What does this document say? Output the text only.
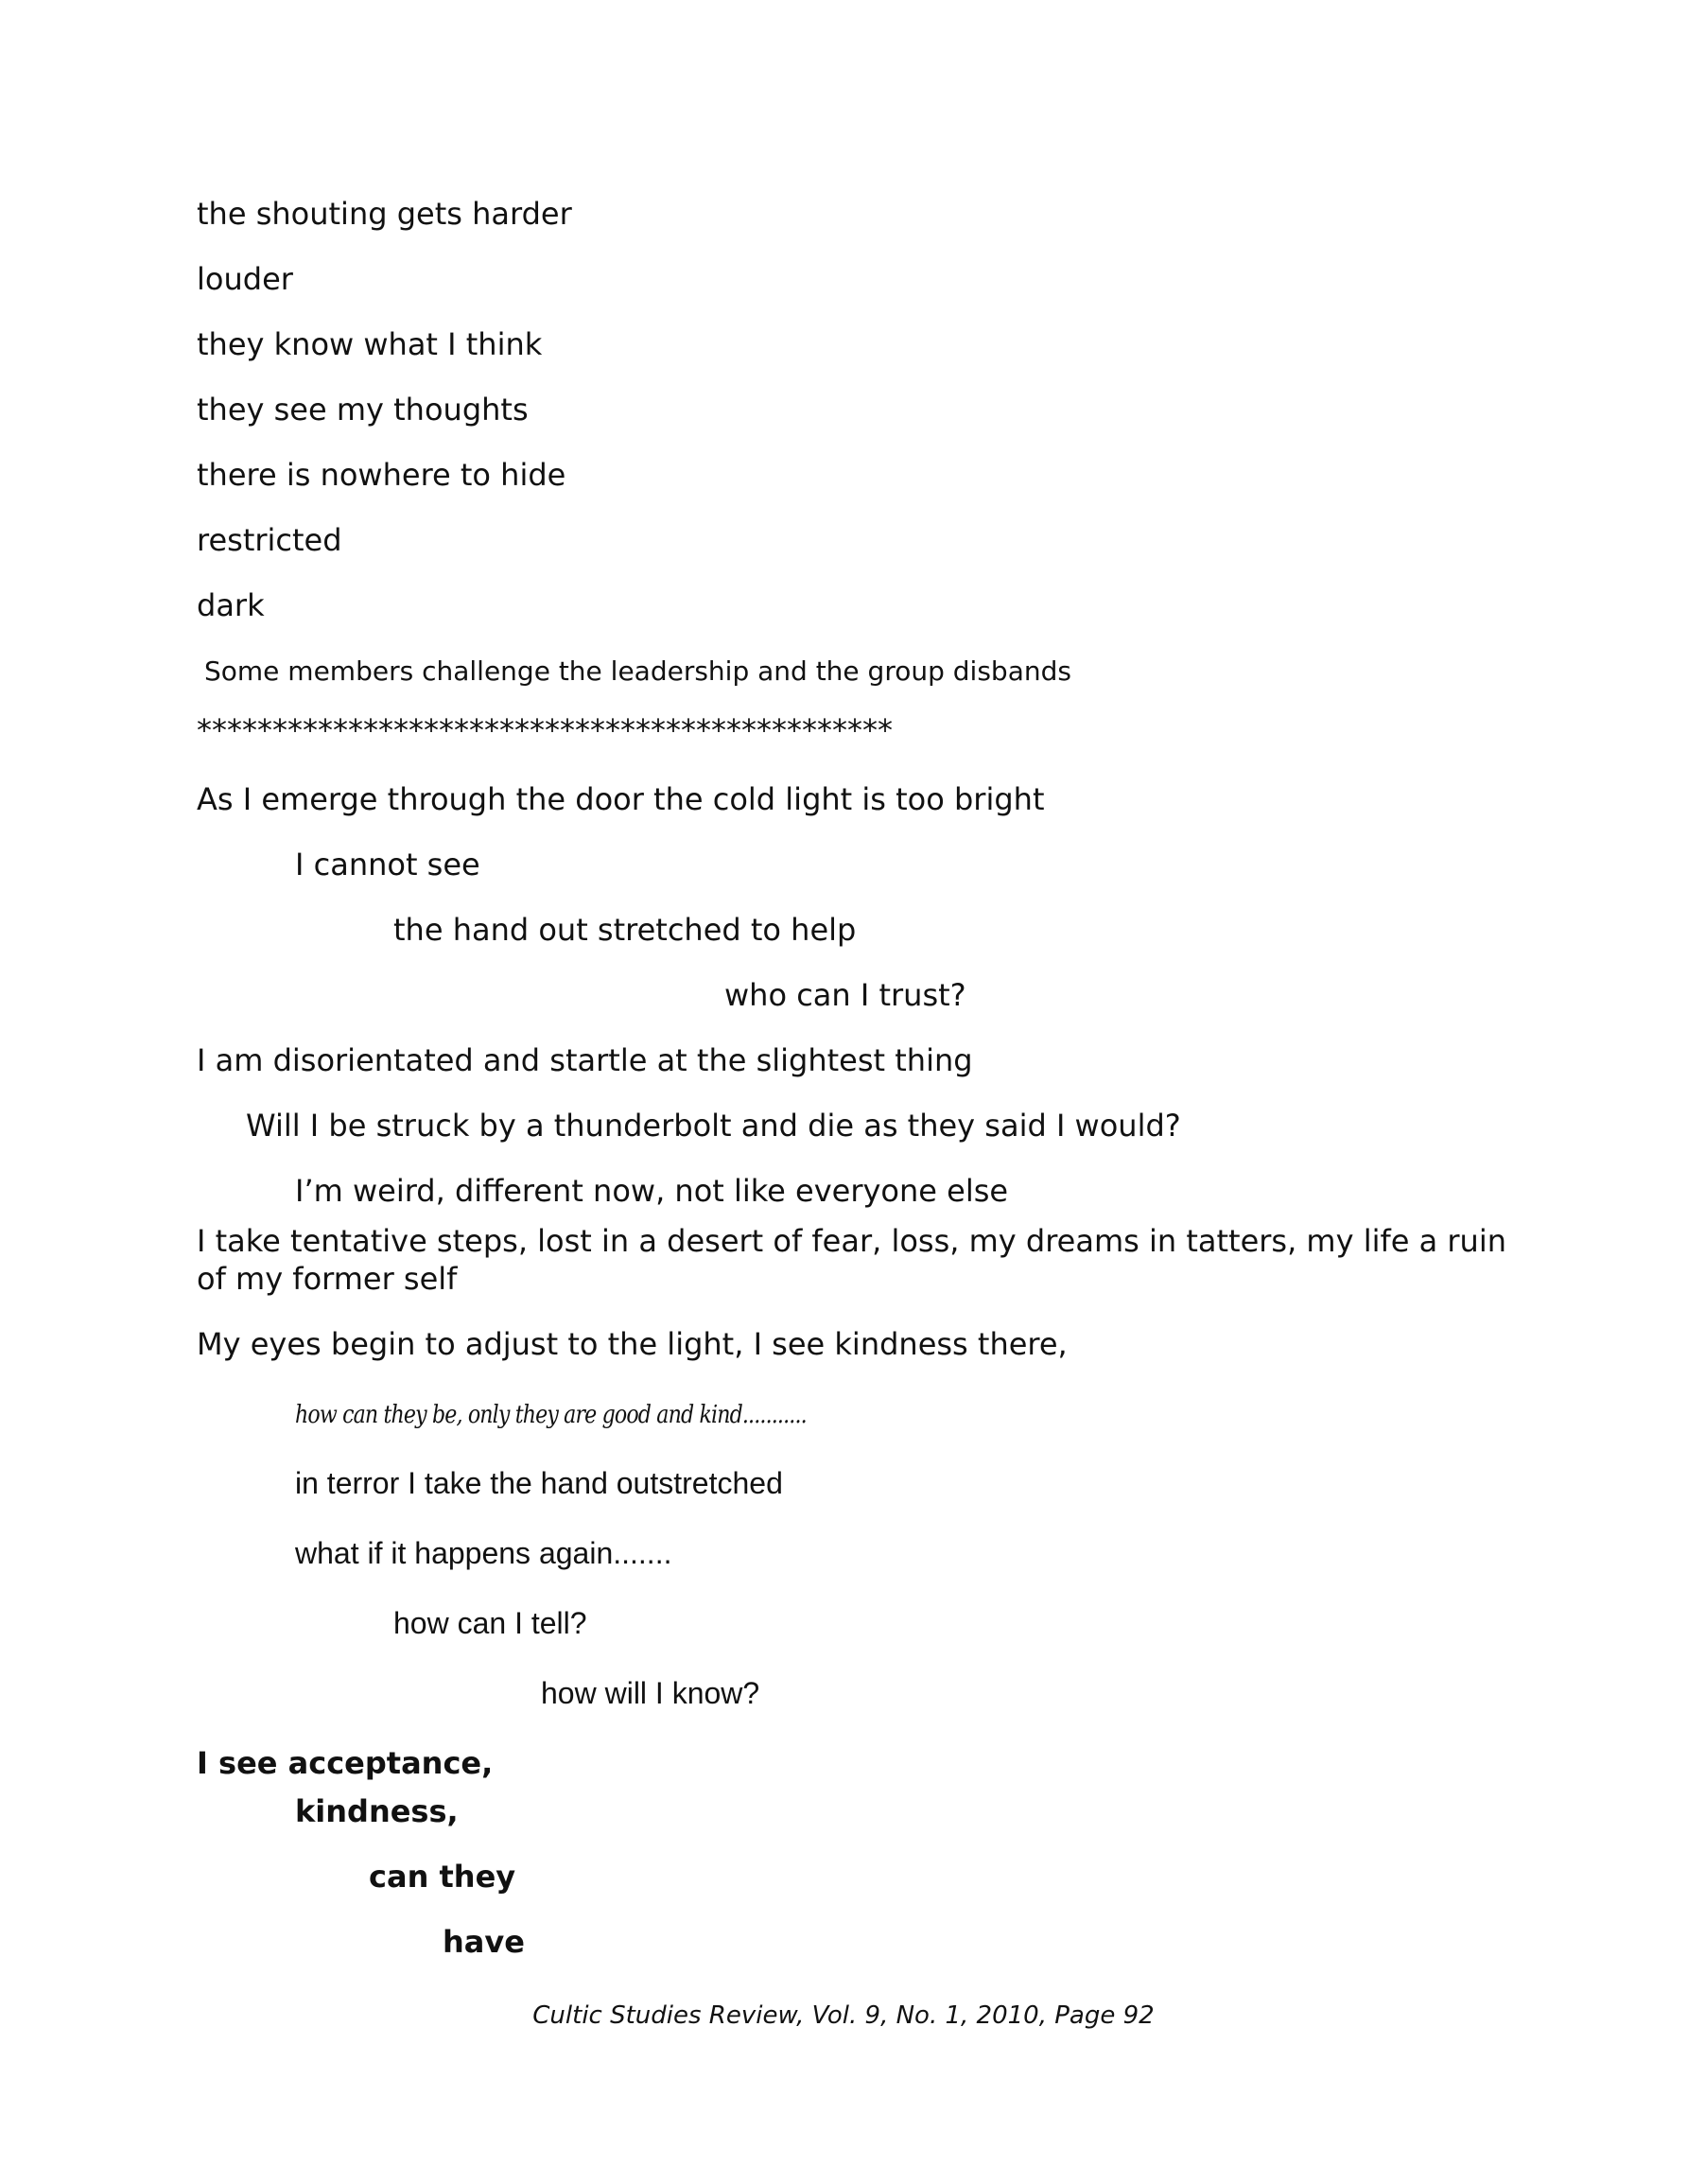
the shouting gets harder
louder
they know what I think
they see my thoughts
there is nowhere to hide
restricted
dark
Some members challenge the leadership and the group disbands
**********************************************
As I emerge through the door the cold light is too bright
I cannot see
the hand out stretched to help
who can I trust?
I am disorientated and startle at the slightest thing
Will I be struck by a thunderbolt and die as they said I would?
I’m weird, different now, not like everyone else
I take tentative steps, lost in a desert of fear, loss, my dreams in tatters, my life a ruin of my former self
My eyes begin to adjust to the light, I see kindness there,
how can they be, only they are good and kind...........
in terror I take the hand outstretched
what if it happens again.......
how can I tell?
how will I know?
I see acceptance,
kindness,
can they
have
Cultic Studies Review, Vol. 9, No. 1, 2010, Page 92
